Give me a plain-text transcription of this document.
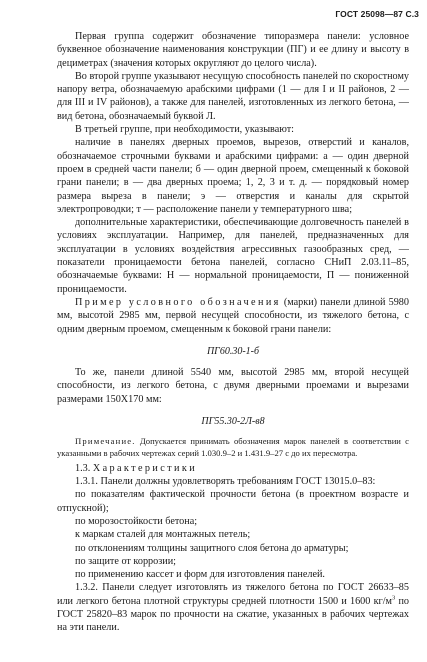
ГОСТ 25098—87 С.3

Первая группа содержит обозначение типоразмера панели: условное буквенное обозначение наименования конструкции (ПГ) и ее длину и высоту в дециметрах (значения которых округляют до целого числа).

Во второй группе указывают несущую способность панелей по скоростному напору ветра, обозначаемую арабскими цифрами (1 — для I и II районов, 2 — для III и IV районов), а также для панелей, изготовленных из легкого бетона, — вид бетона, обозначаемый буквой Л.

В третьей группе, при необходимости, указывают:

наличие в панелях дверных проемов, вырезов, отверстий и каналов, обозначаемое строчными буквами и арабскими цифрами: а — один дверной проем в средней части панели; б — один дверной проем, смещенный к боковой грани панели; в — два дверных проема; 1, 2, 3 и т. д. — порядковый номер размера выреза в панели; э — отверстия и каналы для скрытой электропроводки; т — расположение панели у температурного шва;

дополнительные характеристики, обеспечивающие долговечность панелей в условиях эксплуатации. Например, для панелей, предназначенных для эксплуатации в условиях воздействия агрессивных газообразных сред, — показатели проницаемости бетона панелей, согласно СНиП 2.03.11–85, обозначаемые буквами: Н — нормальной проницаемости, П — пониженной проницаемости.

Пример условного обозначения (марки) панели длиной 5980 мм, высотой 2985 мм, первой несущей способности, из тяжелого бетона, с одним дверным проемом, смещенным к боковой грани панели:

ПГ60.30-1-б

То же, панели длиной 5540 мм, высотой 2985 мм, второй несущей способности, из легкого бетона, с двумя дверными проемами и вырезами размерами 150Х170 мм:

ПГ55.30-2Л-в8

Примечание. Допускается принимать обозначения марок панелей в соответствии с указанными в рабочих чертежах серий 1.030.9–2 и 1.431.9–27 с до их пересмотра.

1.3. Характеристики

1.3.1. Панели должны удовлетворять требованиям ГОСТ 13015.0–83:

по показателям фактической прочности бетона (в проектном возрасте и отпускной);

по морозостойкости бетона;

к маркам сталей для монтажных петель;

по отклонениям толщины защитного слоя бетона до арматуры;

по защите от коррозии;

по применению кассет и форм для изготовления панелей.

1.3.2. Панели следует изготовлять из тяжелого бетона по ГОСТ 26633–85 или легкого бетона плотной структуры средней плотности 1500 и 1600 $кг/м^3$ по ГОСТ 25820–83 марок по прочности на сжатие, указанных в рабочих чертежах на эти панели.
